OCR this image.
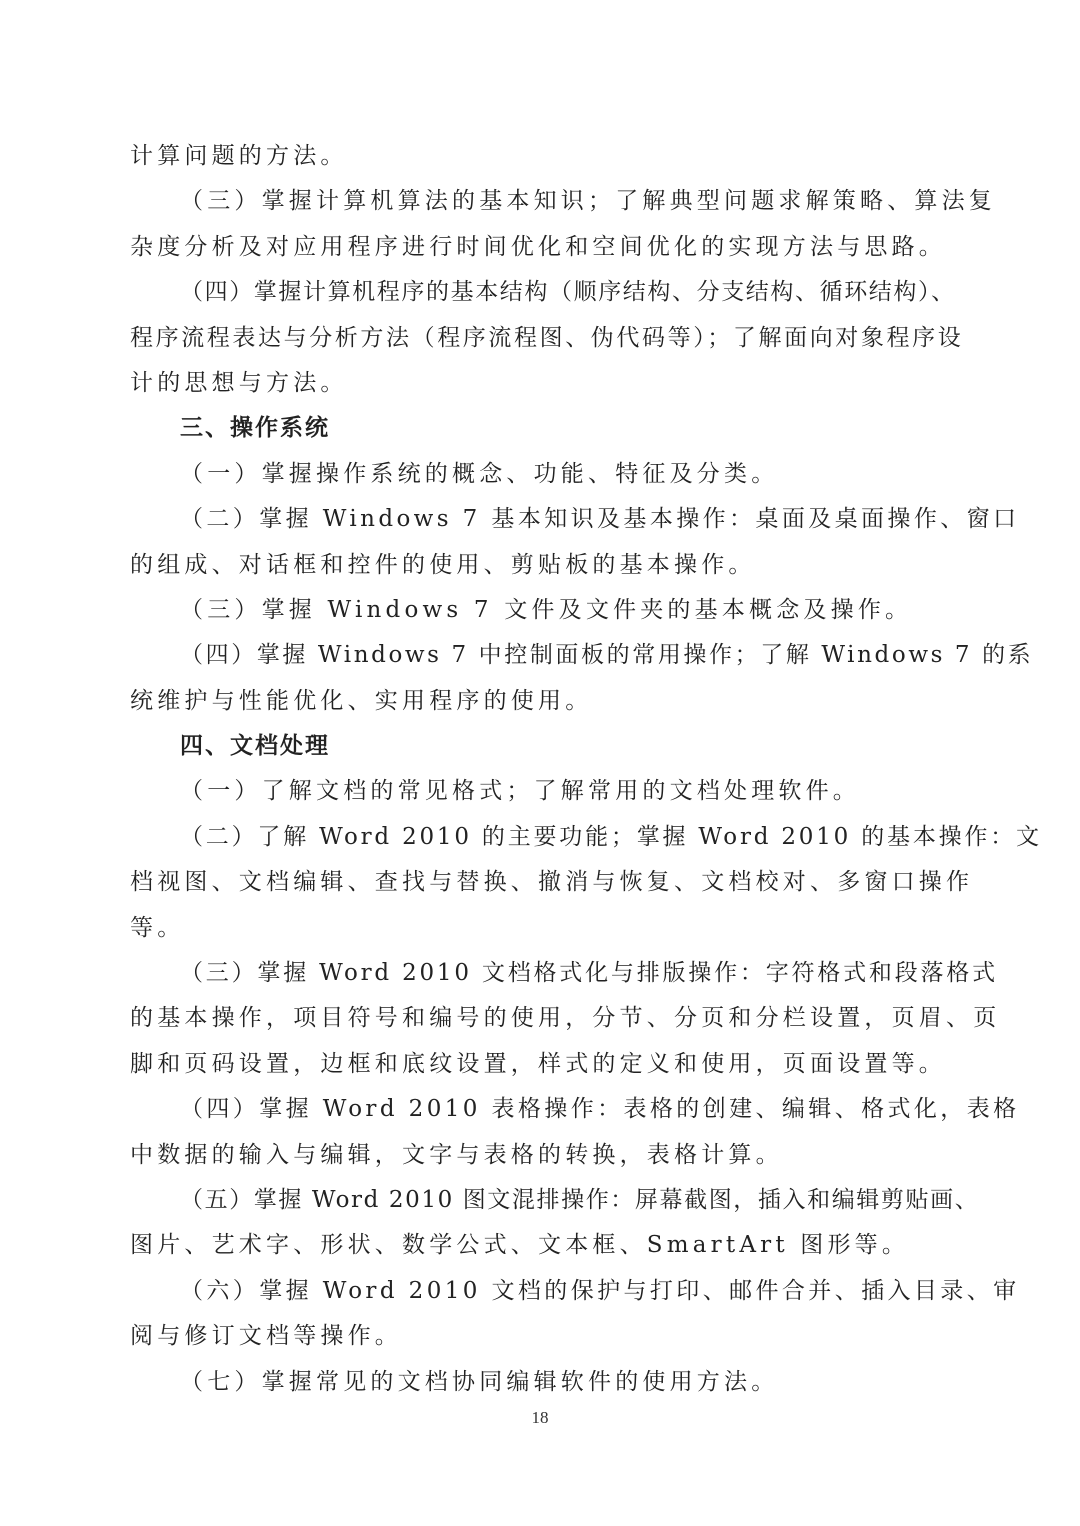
计算问题的方法。
（三）掌握计算机算法的基本知识；了解典型问题求解策略、算法复
杂度分析及对应用程序进行时间优化和空间优化的实现方法与思路。
（四）掌握计算机程序的基本结构（顺序结构、分支结构、循环结构）、
程序流程表达与分析方法（程序流程图、伪代码等）；了解面向对象程序设
计的思想与方法。
三、操作系统
（一）掌握操作系统的概念、功能、特征及分类。
（二）掌握 Windows 7 基本知识及基本操作：桌面及桌面操作、窗口
的组成、对话框和控件的使用、剪贴板的基本操作。
（三）掌握 Windows 7 文件及文件夹的基本概念及操作。
（四）掌握 Windows 7 中控制面板的常用操作；了解 Windows 7 的系
统维护与性能优化、实用程序的使用。
四、文档处理
（一）了解文档的常见格式；了解常用的文档处理软件。
（二）了解 Word 2010 的主要功能；掌握 Word 2010 的基本操作：文
档视图、文档编辑、查找与替换、撤消与恢复、文档校对、多窗口操作
等。
（三）掌握 Word 2010 文档格式化与排版操作：字符格式和段落格式
的基本操作，项目符号和编号的使用，分节、分页和分栏设置，页眉、页
脚和页码设置，边框和底纹设置，样式的定义和使用，页面设置等。
（四）掌握 Word 2010 表格操作：表格的创建、编辑、格式化，表格
中数据的输入与编辑，文字与表格的转换，表格计算。
（五）掌握 Word 2010 图文混排操作：屏幕截图，插入和编辑剪贴画、
图片、艺术字、形状、数学公式、文本框、SmartArt 图形等。
（六）掌握 Word 2010 文档的保护与打印、邮件合并、插入目录、审
阅与修订文档等操作。
（七）掌握常见的文档协同编辑软件的使用方法。
18
